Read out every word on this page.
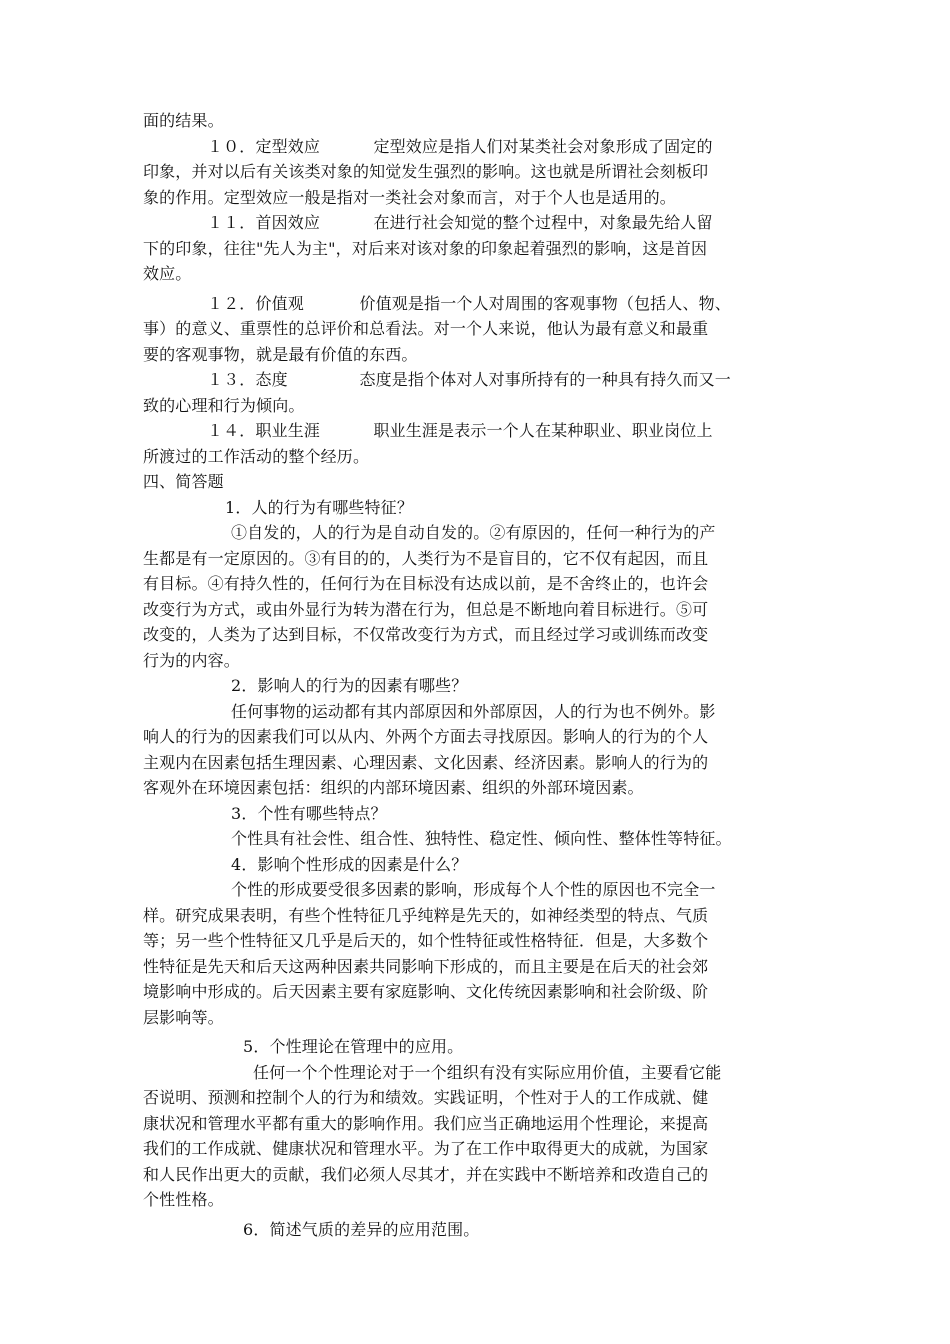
面的结果。
１０．定型效应	定型效应是指人们对某类社会对象形成了固定的
印象，并对以后有关该类对象的知觉发生强烈的影响。这也就是所谓社会刻板印
象的作用。定型效应一般是指对一类社会对象而言，对于个人也是适用的。
１１．首因效应	在进行社会知觉的整个过程中，对象最先给人留
下的印象，往往"先人为主"，对后来对该对象的印象起着强烈的影响，这是首因
效应。
１２．价值观	价值观是指一个人对周围的客观事物（包括人、物、
事）的意义、重票性的总评价和总看法。对一个人来说，他认为最有意义和最重
要的客观事物，就是最有价值的东西。
１３．态度	态度是指个体对人对事所持有的一种具有持久而又一
致的心理和行为倾向。
１４．职业生涯	职业生涯是表示一个人在某种职业、职业岗位上
所渡过的工作活动的整个经历。
四、简答题
1．人的行为有哪些特征？
①自发的，人的行为是自动自发的。②有原因的，任何一种行为的产
生都是有一定原因的。③有目的的，人类行为不是盲目的，它不仅有起因，而且
有目标。④有持久性的，任何行为在目标没有达成以前，是不舍终止的，也许会
改变行为方式，或由外显行为转为潜在行为，但总是不断地向着目标进行。⑤可
改变的，人类为了达到目标，不仅常改变行为方式，而且经过学习或训练而改变
行为的内容。
2．影响人的行为的因素有哪些？
任何事物的运动都有其内部原因和外部原因，人的行为也不例外。影
响人的行为的因素我们可以从内、外两个方面去寻找原因。影响人的行为的个人
主观内在因素包括生理因素、心理因素、文化因素、经济因素。影响人的行为的
客观外在环境因素包括：组织的内部环境因素、组织的外部环境因素。
3．个性有哪些特点？
个性具有社会性、组合性、独特性、稳定性、倾向性、整体性等特征。
4．影响个性形成的因素是什么？
个性的形成要受很多因素的影响，形成每个人个性的原因也不完全一
样。研究成果表明，有些个性特征几乎纯粹是先天的，如神经类型的特点、气质
等；另一些个性特征又几乎是后天的，如个性特征或性格特征．但是，大多数个
性特征是先天和后天这两种因素共同影响下形成的，而且主要是在后天的社会郊
境影响中形成的。后天因素主要有家庭影响、文化传统因素影响和社会阶级、阶
层影响等。
5．个性理论在管理中的应用。
任何一个个性理论对于一个组织有没有实际应用价值，主要看它能
否说明、预测和控制个人的行为和绩效。实践证明，个性对于人的工作成就、健
康状况和管理水平都有重大的影响作用。我们应当正确地运用个性理论，来提高
我们的工作成就、健康状况和管理水平。为了在工作中取得更大的成就，为国家
和人民作出更大的贡献，我们必须人尽其才，并在实践中不断培养和改造自己的
个性性格。
6．简述气质的差异的应用范围。
